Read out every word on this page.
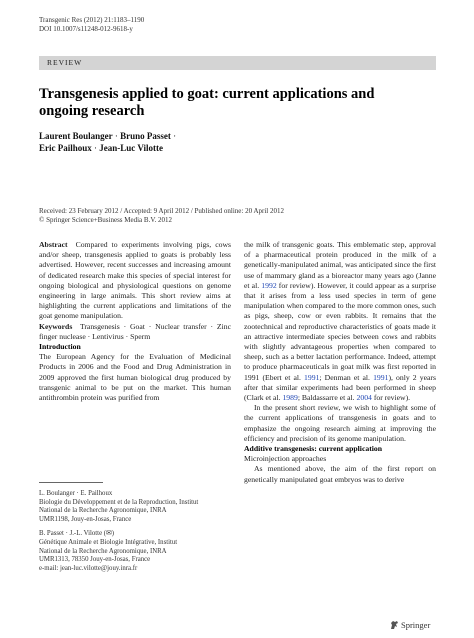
Transgenic Res (2012) 21:1183–1190
DOI 10.1007/s11248-012-9618-y
REVIEW
Transgenesis applied to goat: current applications and ongoing research
Laurent Boulanger · Bruno Passet ·
Eric Pailhoux · Jean-Luc Vilotte
Received: 23 February 2012 / Accepted: 9 April 2012 / Published online: 20 April 2012
© Springer Science+Business Media B.V. 2012

Abstract Compared to experiments involving pigs, cows and/or sheep, transgenesis applied to goats is probably less advertised. However, recent successes and increasing amount of dedicated research make this species of special interest for ongoing biological and physiological questions on genome engineering in large animals. This short review aims at highlighting the current applications and limitations of the goat genome manipulation.

Keywords Transgenesis · Goat · Nuclear transfer · Zinc finger nuclease · Lentivirus · Sperm

Introduction

The European Agency for the Evaluation of Medicinal Products in 2006 and the Food and Drug Administration in 2009 approved the first human biological drug produced by transgenic animal to be put on the market. This human antithrombin protein was purified from

L. Boulanger · E. Pailhoux
Biologie du Développement et de la Reproduction, Institut
National de la Recherche Agronomique, INRA
UMR1198, Jouy-en-Josas, France

B. Passet · J.-L. Vilotte (✉)
Génétique Animale et Biologie Intégrative, Institut
National de la Recherche Agronomique, INRA
UMR1313, 78350 Jouy-en-Josas, France
e-mail: jean-luc.vilotte@jouy.inra.fr

the milk of transgenic goats. This emblematic step, approval of a pharmaceutical protein produced in the milk of a genetically-manipulated animal, was anticipated since the first use of mammary gland as a bioreactor many years ago (Janne et al. 1992 for review). However, it could appear as a surprise that it arises from a less used species in term of gene manipulation when compared to the more common ones, such as pigs, sheep, cow or even rabbits. It remains that the zootechnical and reproductive characteristics of goats made it an attractive intermediate species between cows and rabbits with slightly advantageous properties when compared to sheep, such as a better lactation performance. Indeed, attempt to produce pharmaceuticals in goat milk was first reported in 1991 (Ebert et al. 1991; Denman et al. 1991), only 2 years after that similar experiments had been performed in sheep (Clark et al. 1989; Baldassarre et al. 2004 for review).

In the present short review, we wish to highlight some of the current applications of transgenesis in goats and to emphasize the ongoing research aiming at improving the efficiency and precision of its genome manipulation.

Additive transgenesis: current application

Microinjection approaches

As mentioned above, the aim of the first report on genetically manipulated goat embryos was to derive

Springer
